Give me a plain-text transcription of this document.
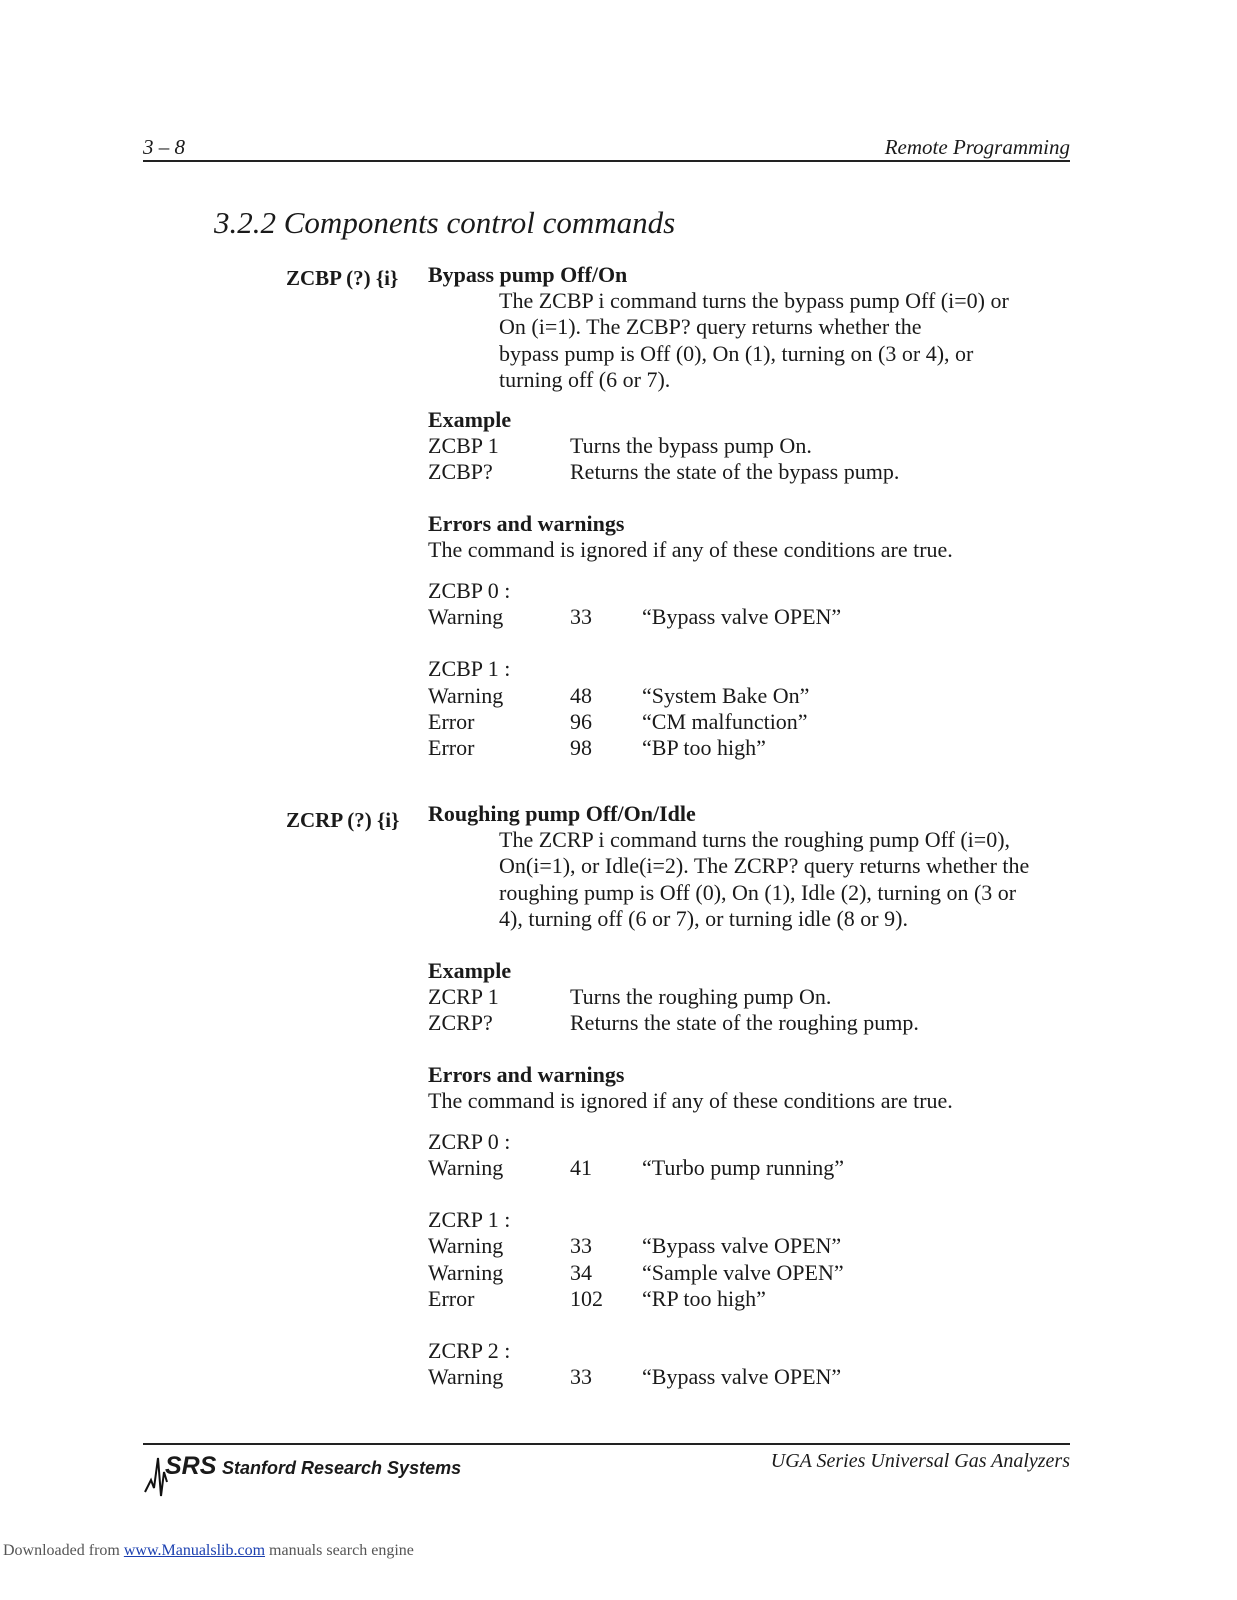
3 – 8	Remote Programming
3.2.2 Components control commands
ZCBP (?) {i} Bypass pump Off/On
The ZCBP i command turns the bypass pump Off (i=0) or
On (i=1). The ZCBP? query returns whether the
bypass pump is Off (0), On (1), turning on (3 or 4), or
turning off (6 or 7).
Example
ZCBP 1	Turns the bypass pump On.
ZCBP?	Returns the state of the bypass pump.
Errors and warnings
The command is ignored if any of these conditions are true.
ZCBP 0 :
Warning	33 “Bypass valve OPEN”
ZCBP 1 :
Warning	48 “System Bake On”
Error	96 “CM malfunction”
Error	98 “BP too high”
ZCRP (?) {i} Roughing pump Off/On/Idle
The ZCRP i command turns the roughing pump Off (i=0),
On(i=1), or Idle(i=2). The ZCRP? query returns whether the
roughing pump is Off (0), On (1), Idle (2), turning on (3 or
4), turning off (6 or 7), or turning idle (8 or 9).
Example
ZCRP 1	Turns the roughing pump On.
ZCRP?	Returns the state of the roughing pump.
Errors and warnings
The command is ignored if any of these conditions are true.
ZCRP 0 :
Warning	41 “Turbo pump running”
ZCRP 1 :
Warning	33 “Bypass valve OPEN”
Warning	34 “Sample valve OPEN”
Error	102 “RP too high”
ZCRP 2 :
Warning	33 “Bypass valve OPEN”
SRS Stanford Research Systems	UGA Series Universal Gas Analyzers
Downloaded from www.Manualslib.com manuals search engine
